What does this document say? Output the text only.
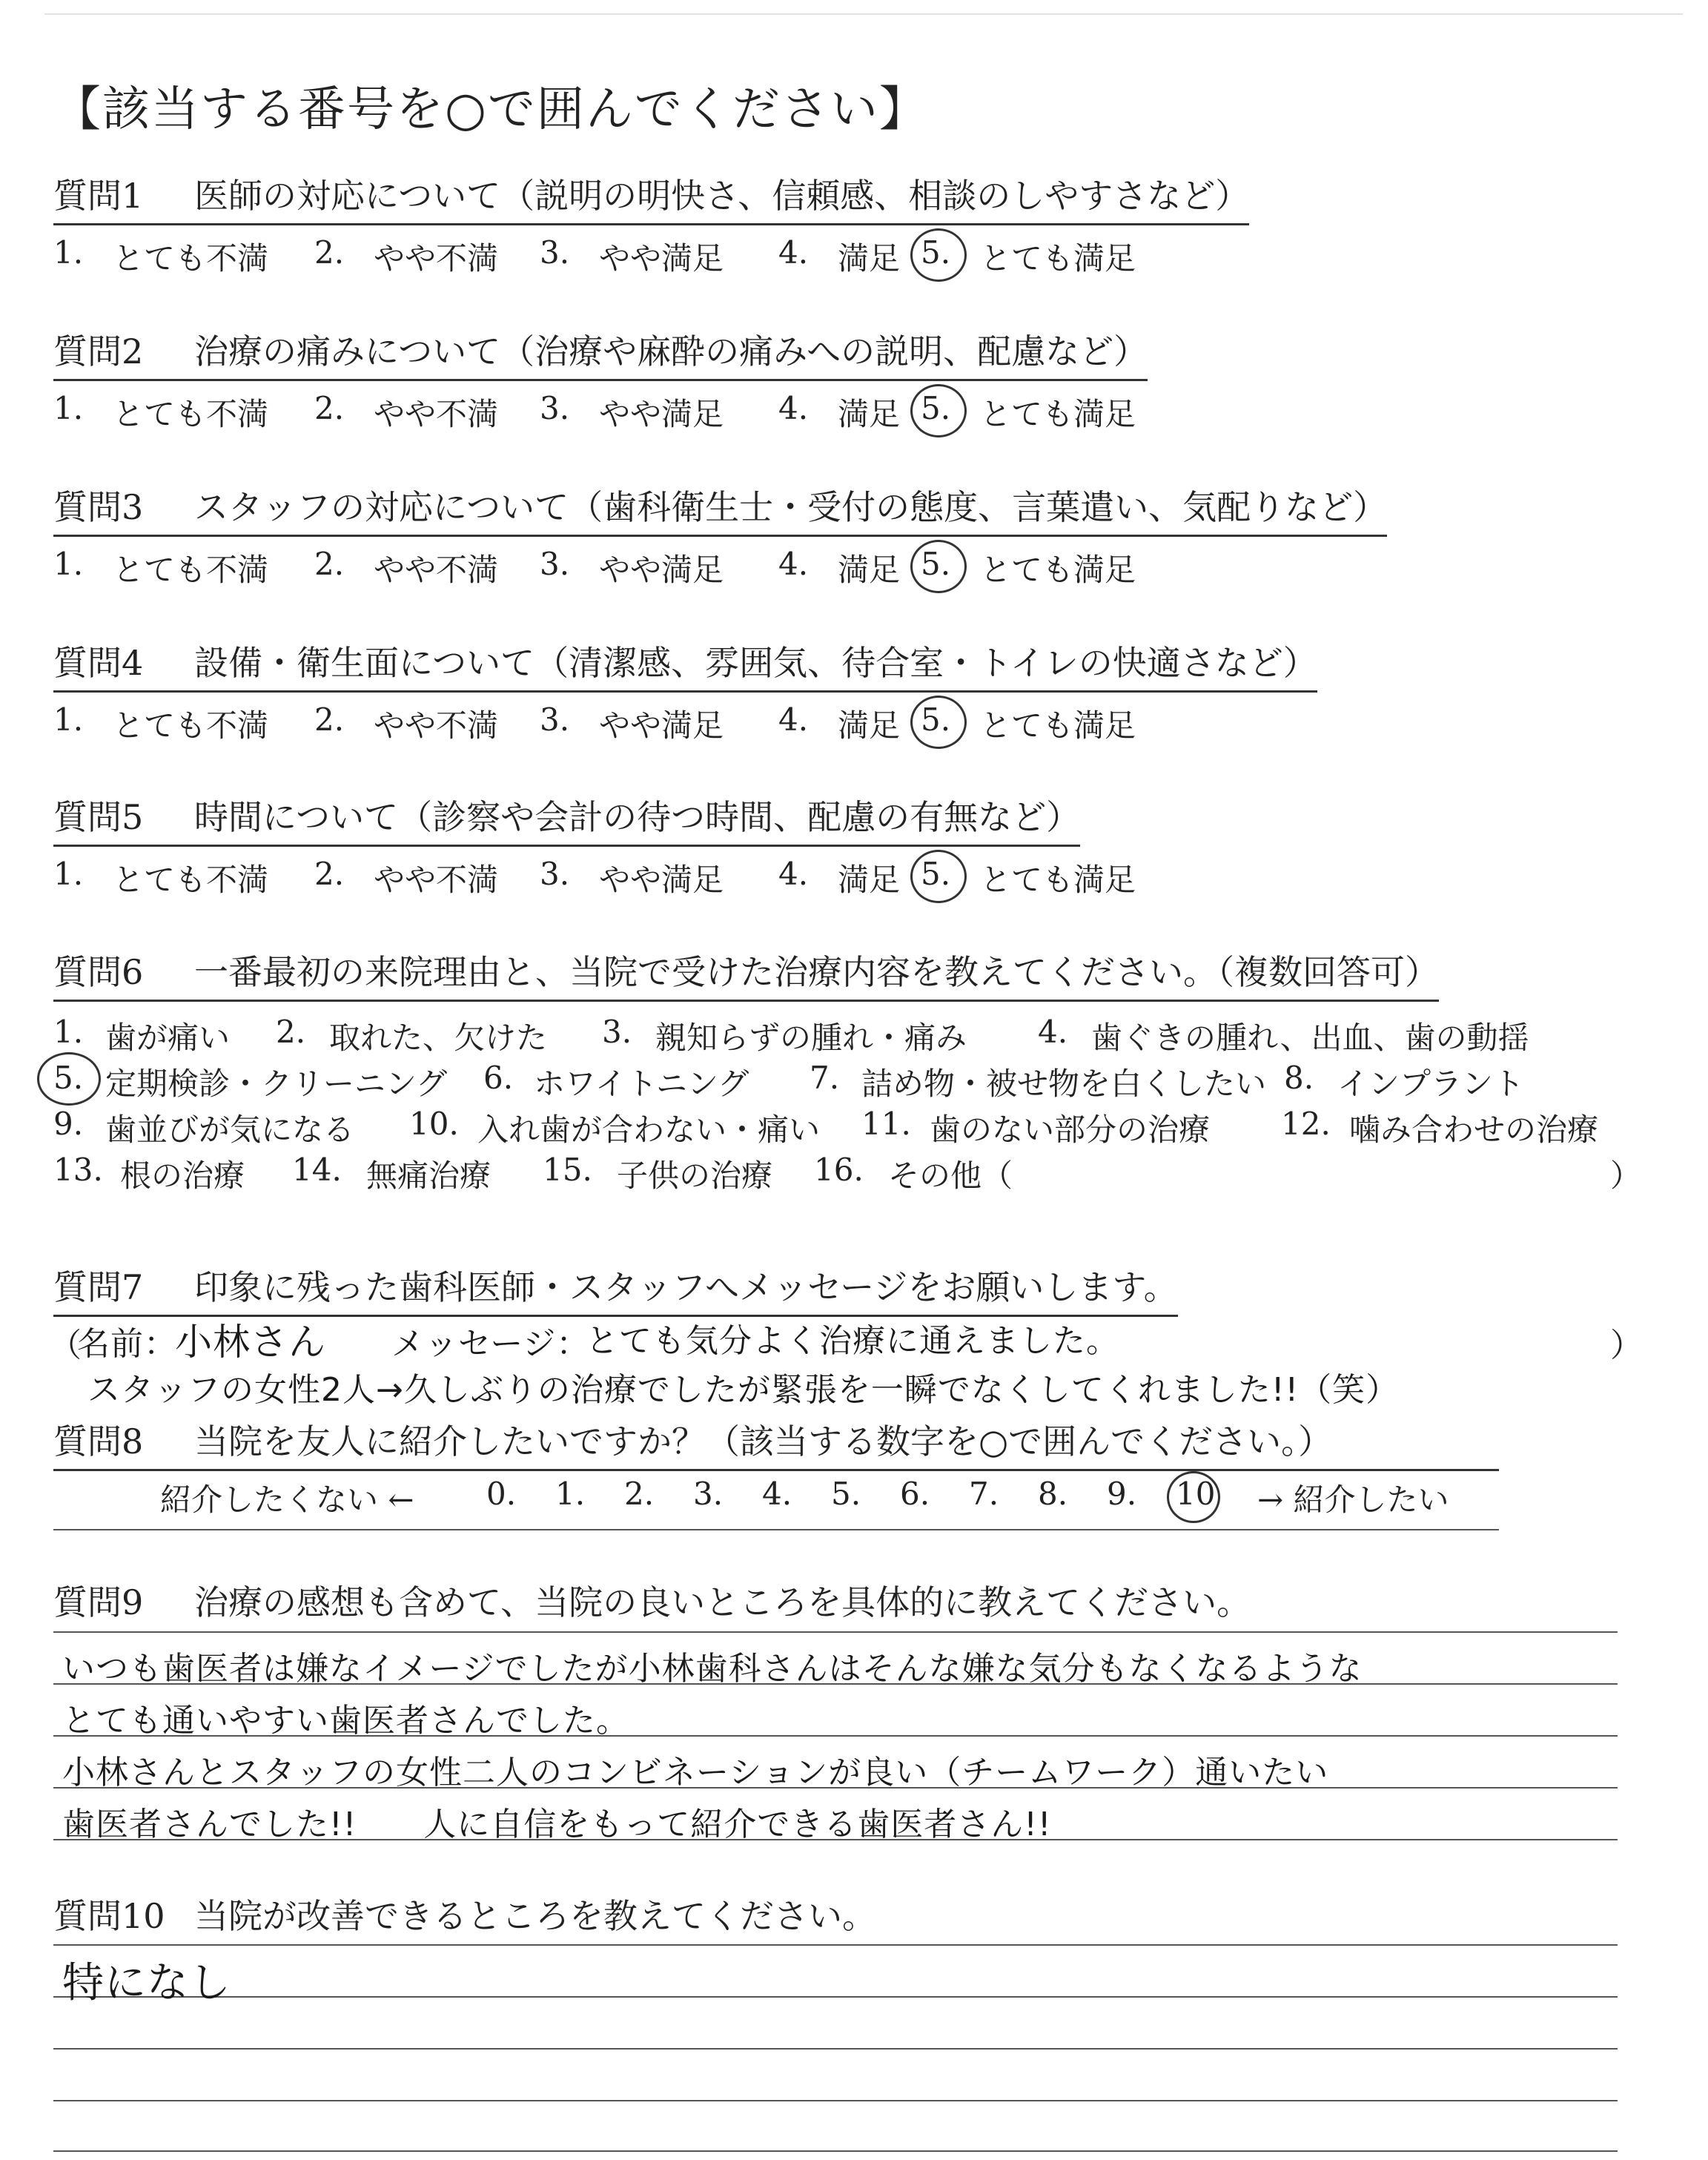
【該当する番号を○で囲んでください】
質問1 医師の対応について（説明の明快さ、信頼感、相談のしやすさなど）
1. とても不満 2. やや不満 3. やや満足 4. 満足 5. とても満足
質問2 治療の痛みについて（治療や麻酔の痛みへの説明、配慮など）
1. とても不満 2. やや不満 3. やや満足 4. 満足 5. とても満足
質問3 スタッフの対応について（歯科衛生士・受付の態度、言葉遣い、気配りなど）
1. とても不満 2. やや不満 3. やや満足 4. 満足 5. とても満足
質問4 設備・衛生面について（清潔感、雰囲気、待合室・トイレの快適さなど）
1. とても不満 2. やや不満 3. やや満足 4. 満足 5. とても満足
質問5 時間について（診察や会計の待つ時間、配慮の有無など）
1. とても不満 2. やや不満 3. やや満足 4. 満足 5. とても満足
質問6 一番最初の来院理由と、当院で受けた治療内容を教えてください。（複数回答可）
1. 歯が痛い 2. 取れた、欠けた 3. 親知らずの腫れ・痛み 4. 歯ぐきの腫れ、出血、歯の動揺
5. 定期検診・クリーニング 6. ホワイトニング 7. 詰め物・被せ物を白くしたい 8. インプラント
9. 歯並びが気になる 10. 入れ歯が合わない・痛い 11. 歯のない部分の治療 12. 噛み合わせの治療
13. 根の治療 14. 無痛治療 15. 子供の治療 16. その他（	）
質問7 印象に残った歯科医師・スタッフへメッセージをお願いします。
（
名前：
小林さん メッセージ：
とても気分よく治療に通えました。	）
スタッフの女性2人→久しぶりの治療でしたが緊張を一瞬でなくしてくれました!!（笑）
質問8 当院を友人に紹介したいですか？（該当する数字を○で囲んでください。）
紹介したくない ← 0. 1. 2. 3. 4. 5. 6. 7. 8. 9. 10 → 紹介したい
質問9 治療の感想も含めて、当院の良いところを具体的に教えてください。
いつも歯医者は嫌なイメージでしたが小林歯科さんはそんな嫌な気分もなくなるような
とても通いやすい歯医者さんでした。
小林さんとスタッフの女性二人のコンビネーションが良い（チームワーク）通いたい
歯医者さんでした!!　　人に自信をもって紹介できる歯医者さん!!
質問10 当院が改善できるところを教えてください。
特になし
